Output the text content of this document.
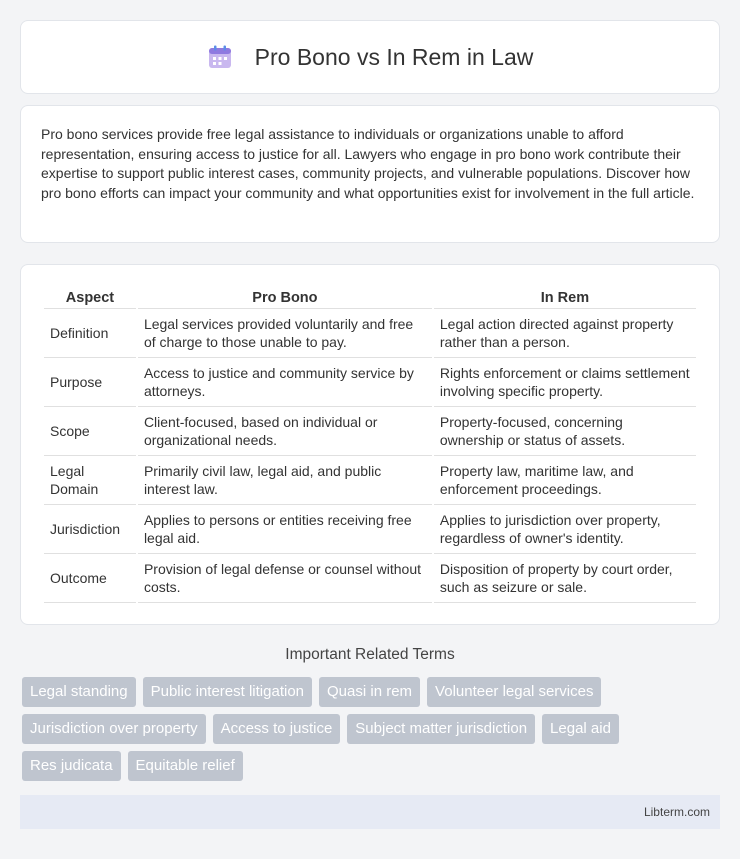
Pro Bono vs In Rem in Law

Pro bono services provide free legal assistance to individuals or organizations unable to afford representation, ensuring access to justice for all. Lawyers who engage in pro bono work contribute their expertise to support public interest cases, community projects, and vulnerable populations. Discover how pro bono efforts can impact your community and what opportunities exist for involvement in the full article.

Aspect	Pro Bono	In Rem
Definition	Legal services provided voluntarily and free of charge to those unable to pay.	Legal action directed against property rather than a person.
Purpose	Access to justice and community service by attorneys.	Rights enforcement or claims settlement involving specific property.
Scope	Client-focused, based on individual or organizational needs.	Property-focused, concerning ownership or status of assets.
Legal Domain	Primarily civil law, legal aid, and public interest law.	Property law, maritime law, and enforcement proceedings.
Jurisdiction	Applies to persons or entities receiving free legal aid.	Applies to jurisdiction over property, regardless of owner's identity.
Outcome	Provision of legal defense or counsel without costs.	Disposition of property by court order, such as seizure or sale.
Important Related Terms
Legal standing	Public interest litigation	Quasi in rem	Volunteer legal services
Jurisdiction over property	Access to justice	Subject matter jurisdiction	Legal aid
Res judicata	Equitable relief
Libterm.com
